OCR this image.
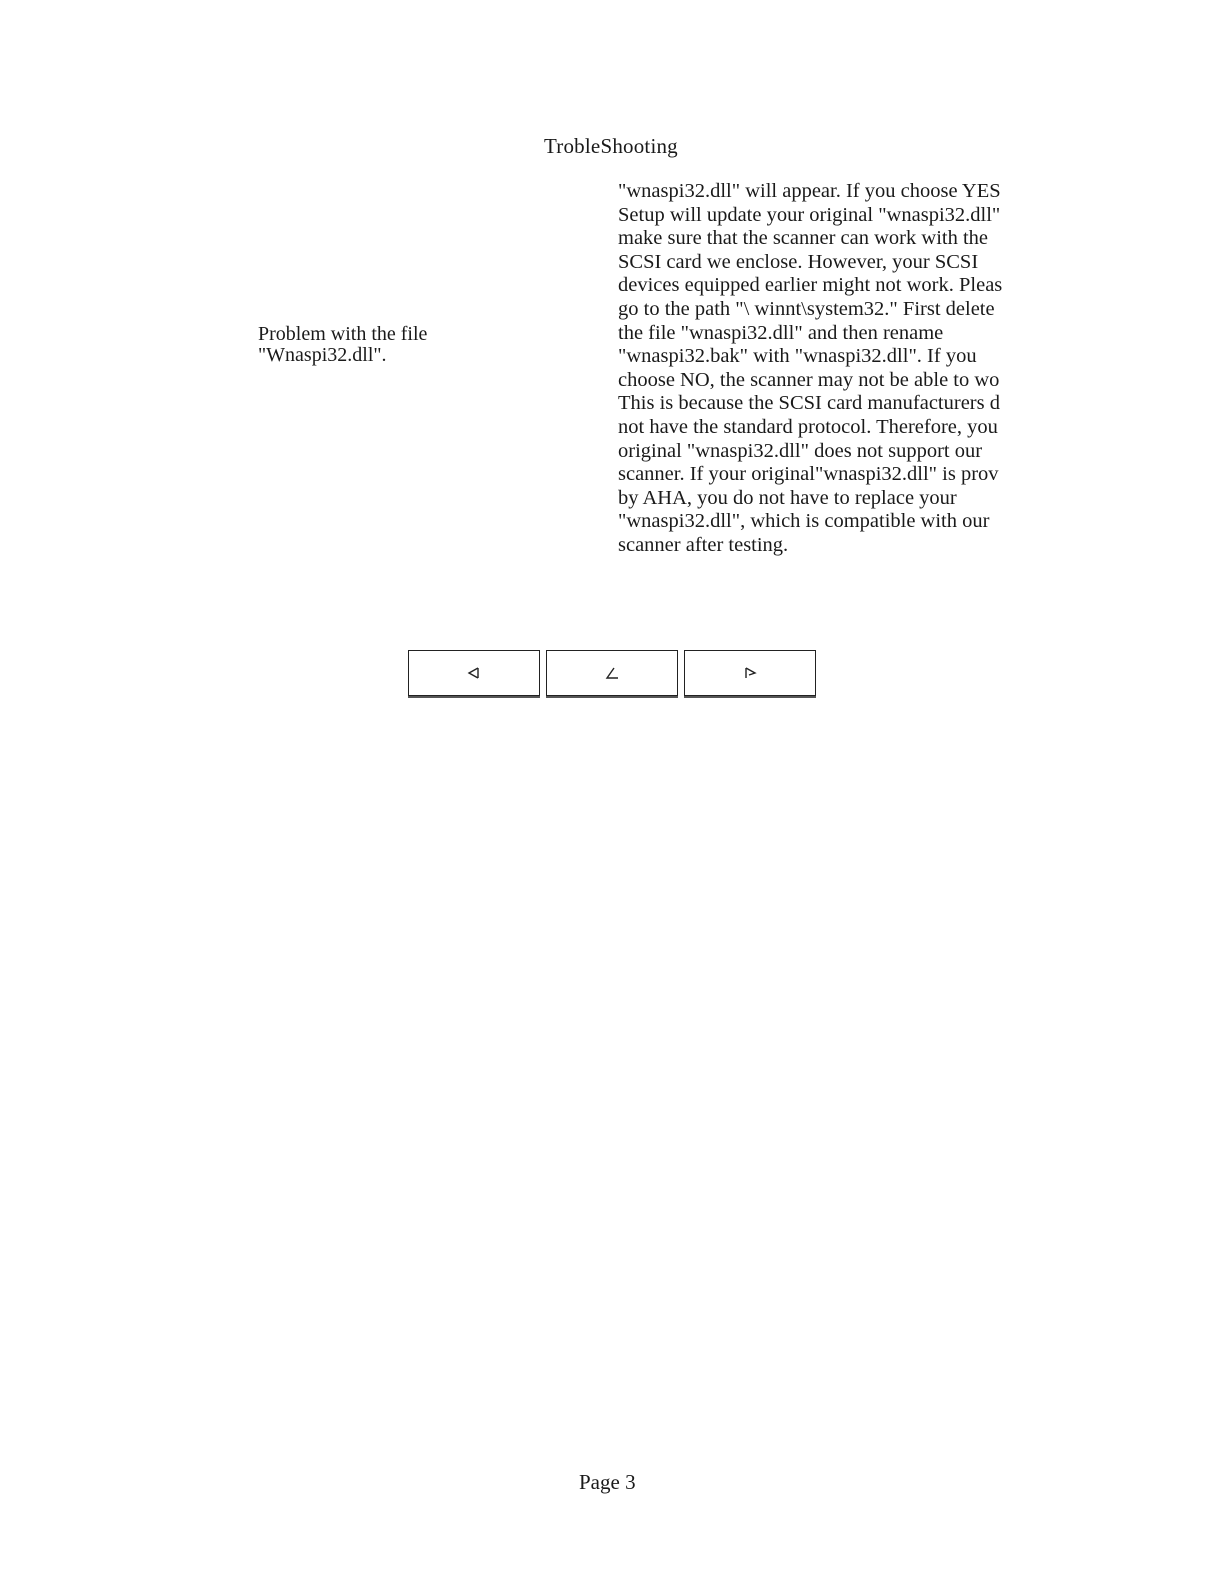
TrobleShooting
Problem with the file
"Wnaspi32.dll".
"wnaspi32.dll" will appear. If you choose YES
Setup will update your original "wnaspi32.dll"
make sure that the scanner can work with the
SCSI card we enclose. However, your SCSI
devices equipped earlier might not work. Pleas
go to the path "\ winnt\system32." First delete
the file "wnaspi32.dll" and then rename
"wnaspi32.bak" with "wnaspi32.dll". If you
choose NO, the scanner may not be able to wo
This is because the SCSI card manufacturers d
not have the standard protocol. Therefore, you
original "wnaspi32.dll" does not support our
scanner. If your original"wnaspi32.dll" is prov
by AHA, you do not have to replace your
"wnaspi32.dll", which is compatible with our
scanner after testing.
Page 3
